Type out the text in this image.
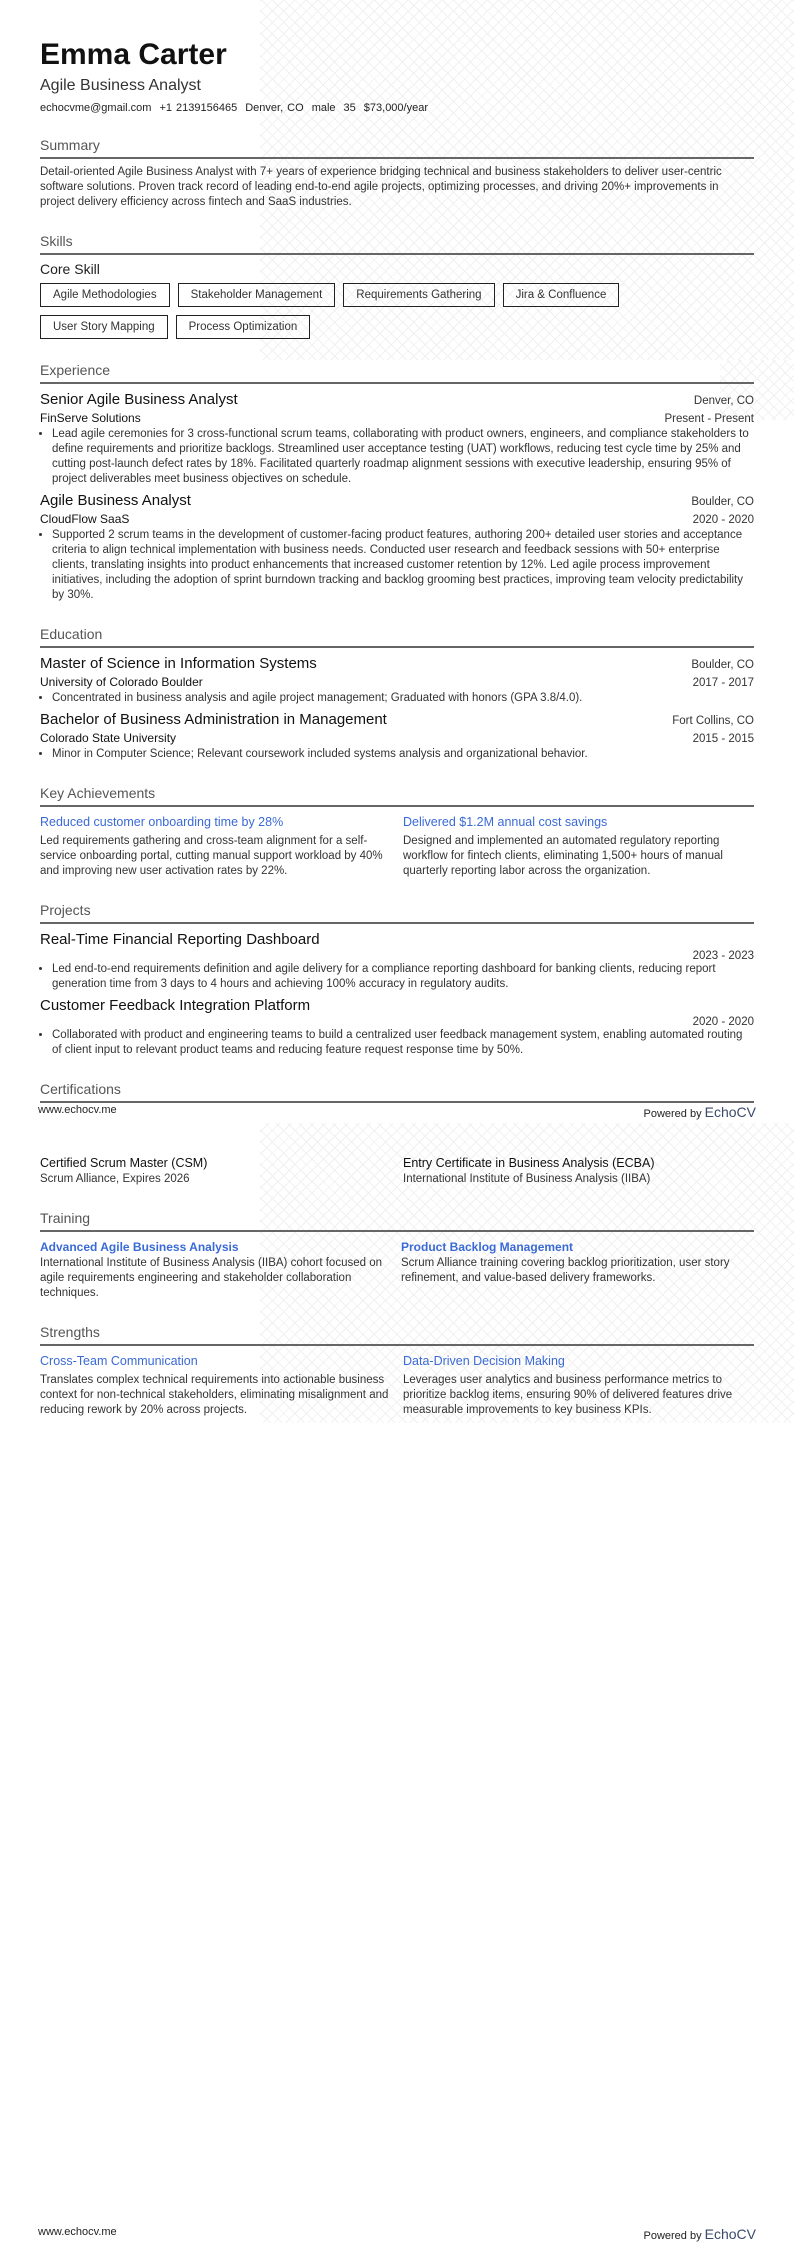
Emma Carter
Agile Business Analyst
echocvme@gmail.com +1 2139156465 Denver, CO male 35 $73,000/year
Summary

Detail-oriented Agile Business Analyst with 7+ years of experience bridging technical and business stakeholders to deliver user-centric software solutions. Proven track record of leading end-to-end agile projects, optimizing processes, and driving 20%+ improvements in project delivery efficiency across fintech and SaaS industries.

Skills
Core Skill
Agile Methodologies	Stakeholder Management	Requirements Gathering	Jira & Confluence
User Story Mapping	Process Optimization
Experience
Senior Agile Business Analyst	Denver, CO
FinServe Solutions	Present - Present
• Lead agile ceremonies for 3 cross-functional scrum teams, collaborating with product owners, engineers, and compliance stakeholders to define requirements and prioritize backlogs. Streamlined user acceptance testing (UAT) workflows, reducing test cycle time by 25% and cutting post-launch defect rates by 18%. Facilitated quarterly roadmap alignment sessions with executive leadership, ensuring 95% of project deliverables meet business objectives on schedule.
Agile Business Analyst	Boulder, CO
CloudFlow SaaS	2020 - 2020
• Supported 2 scrum teams in the development of customer-facing product features, authoring 200+ detailed user stories and acceptance criteria to align technical implementation with business needs. Conducted user research and feedback sessions with 50+ enterprise clients, translating insights into product enhancements that increased customer retention by 12%. Led agile process improvement initiatives, including the adoption of sprint burndown tracking and backlog grooming best practices, improving team velocity predictability by 30%.
Education
Master of Science in Information Systems	Boulder, CO
University of Colorado Boulder	2017 - 2017
• Concentrated in business analysis and agile project management; Graduated with honors (GPA 3.8/4.0).
Bachelor of Business Administration in Management	Fort Collins, CO
Colorado State University	2015 - 2015
• Minor in Computer Science; Relevant coursework included systems analysis and organizational behavior.
Key Achievements
Reduced customer onboarding time by 28%

Led requirements gathering and cross-team alignment for a self-service onboarding portal, cutting manual support workload by 40% and improving new user activation rates by 22%.

Delivered $1.2M annual cost savings

Designed and implemented an automated regulatory reporting workflow for fintech clients, eliminating 1,500+ hours of manual quarterly reporting labor across the organization.

Projects
Real-Time Financial Reporting Dashboard
2023 - 2023
• Led end-to-end requirements definition and agile delivery for a compliance reporting dashboard for banking clients, reducing report generation time from 3 days to 4 hours and achieving 100% accuracy in regulatory audits.
Customer Feedback Integration Platform
2020 - 2020
• Collaborated with product and engineering teams to build a centralized user feedback management system, enabling automated routing of client input to relevant product teams and reducing feature request response time by 50%.
Certifications
www.echocv.me	Powered by EchoCV
Certified Scrum Master (CSM)
Scrum Alliance, Expires 2026
Entry Certificate in Business Analysis (ECBA)
International Institute of Business Analysis (IIBA)
Training
Advanced Agile Business Analysis

International Institute of Business Analysis (IIBA) cohort focused on agile requirements engineering and stakeholder collaboration techniques.

Product Backlog Management

Scrum Alliance training covering backlog prioritization, user story refinement, and value-based delivery frameworks.

Strengths
Cross-Team Communication

Translates complex technical requirements into actionable business context for non-technical stakeholders, eliminating misalignment and reducing rework by 20% across projects.

Data-Driven Decision Making

Leverages user analytics and business performance metrics to prioritize backlog items, ensuring 90% of delivered features drive measurable improvements to key business KPIs.

www.echocv.me	Powered by EchoCV
